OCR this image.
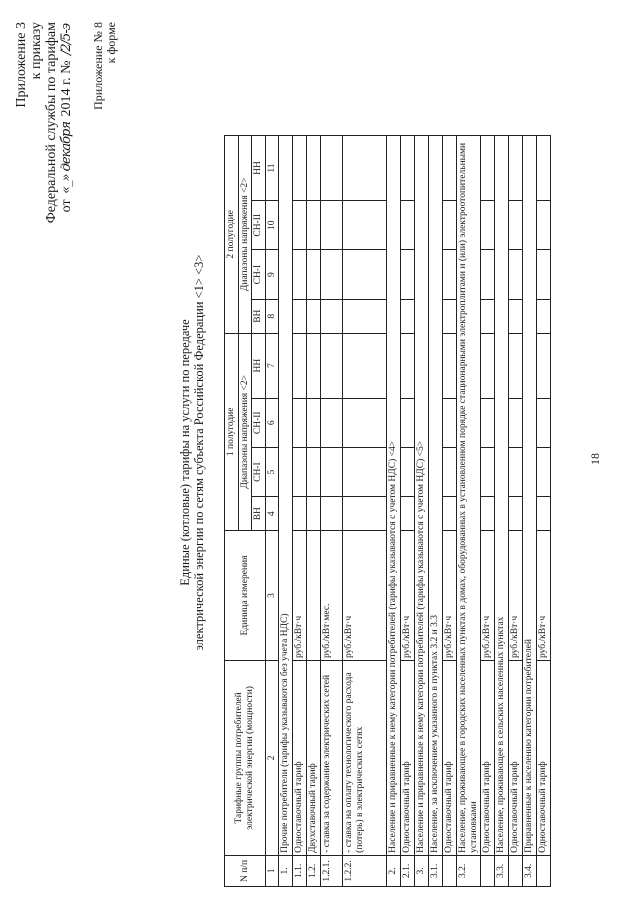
Приложение 3 к приказу Федеральной службы по тарифам от «_» декабря 2014 г. № /2/5-э Приложение № 8 к форме
Единые (котловые) тарифы на услуги по передаче электрической энергии по сетям субъекта Российской Федерации <1> <3>
N п/п	Тарифные группы потребителей электрической энергии (мощности)	Единица измерения	1 полугодие				2 полугодие			
			Диапазоны напряжения <2>				Диапазоны напряжения <2>			
			ВН	СН-I	СН-II	НН	ВН	СН-I	СН-II	НН
1	2	3	4	5	6	7	8	9	10	11
1.	Прочие потребители (тарифы указываются без учета НДС)									
1.1.	Одноставочный тариф	руб./кВт·ч								
1.2.	Двухставочный тариф									
1.2.1.	- ставка за содержание электрических сетей	руб./кВт·мес.								
1.2.2.	- ставка на оплату технологического расхода (потерь) в электрических сетях	руб./кВт·ч								
2.	Население и приравненные к нему категории потребителей (тарифы указываются с учетом НДС) <4>									
2.1.	Одноставочный тариф	руб./кВт·ч								
3.	Население и приравненные к нему категории потребителей (тарифы указываются с учетом НДС) <5>									
3.1.	Население, за исключением указанного в пунктах 3.2 и 3.3									
	Одноставочный тариф	руб./кВт·ч								
3.2.	Население, проживающее в городских населенных пунктах в домах, оборудованных в установленном порядке стационарными электроплитами и (или) электроотопительными установками									
	Одноставочный тариф	руб./кВт·ч								
3.3.	Население, проживающее в сельских населенных пунктах									
	Одноставочный тариф	руб./кВт·ч								
3.4.	Приравненные к населению категории потребителей									
	Одноставочный тариф	руб./кВт·ч								
18
